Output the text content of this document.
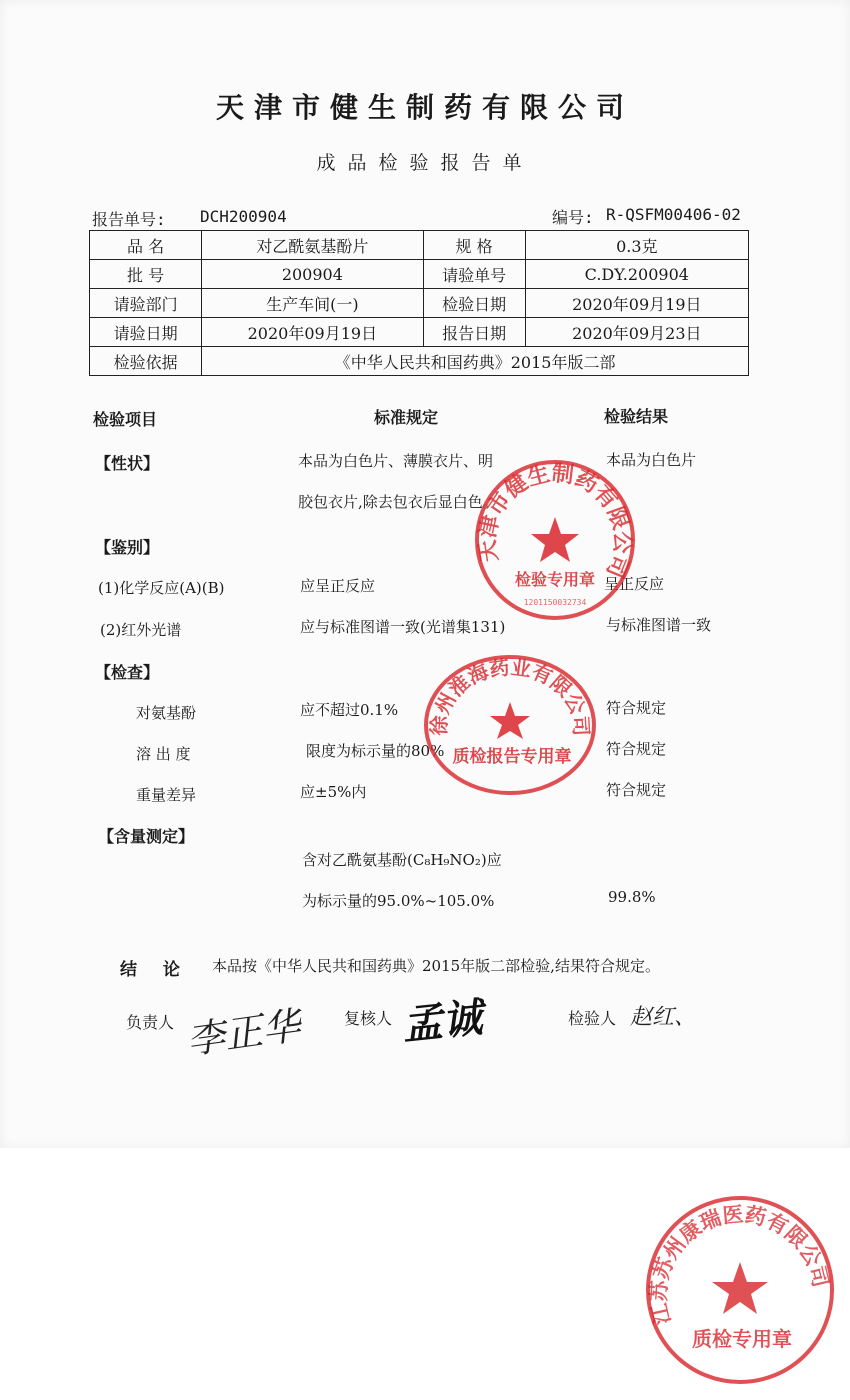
天津市健生制药有限公司
成品检验报告单
报告单号: DCH200904	编号: R-QSFM00406-02
品 名	对乙酰氨基酚片	规 格	0.3克
批 号	200904	请验单号	C.DY.200904
请验部门	生产车间(一)	检验日期	2020年09月19日
请验日期	2020年09月19日	报告日期	2020年09月23日
检验依据	《中华人民共和国药典》2015年版二部		
检验项目	标准规定	检验结果
【性状】	本品为白色片、薄膜衣片、明
胶包衣片,除去包衣后显白色。
本品为白色片
【鉴别】
(1)化学反应(A)(B)	应呈正反应	呈正反应
(2)红外光谱	应与标准图谱一致(光谱集131)	与标准图谱一致
【检查】
对氨基酚	应不超过0.1%	符合规定
溶 出 度	限度为标示量的80%	符合规定
重量差异	应±5%内	符合规定
【含量测定】
含对乙酰氨基酚(C₈H₉NO₂)应
为标示量的95.0%~105.0%	99.8%
结 论 本品按《中华人民共和国药典》2015年版二部检验,结果符合规定。
负责人 李正华	复核人 孟诚	检验人 赵红、
天津市健生制药有限公司
检验专用章
1201150032734
徐州淮海药业有限公司
质检报告专用章
江苏苏州康瑞医药有限公司
质检专用章
